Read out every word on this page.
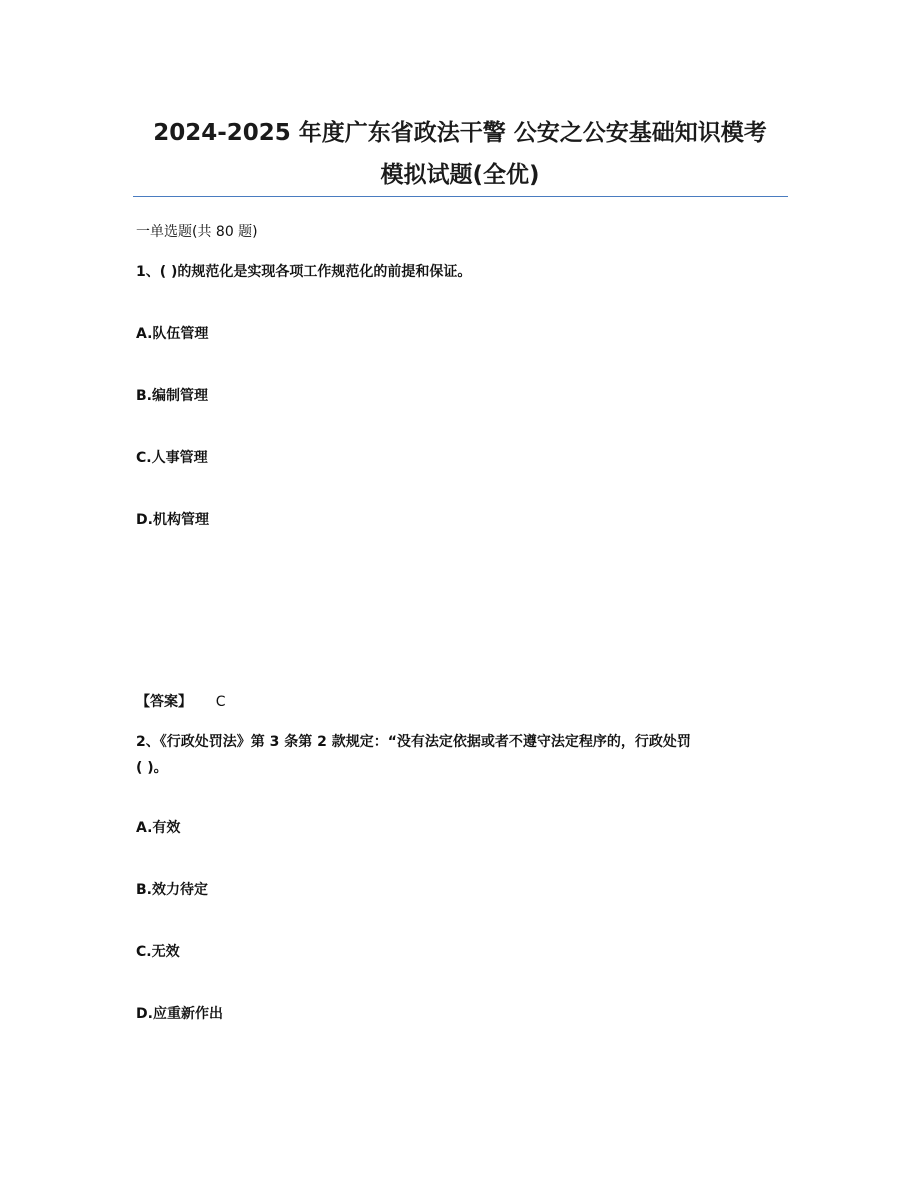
2024-2025 年度广东省政法干警 公安之公安基础知识模考
模拟试题(全优)
一单选题(共 80 题)
1、( )的规范化是实现各项工作规范化的前提和保证。
A.队伍管理
B.编制管理
C.人事管理
D.机构管理
【答案】 C
2、《行政处罚法》第 3 条第 2 款规定：“没有法定依据或者不遵守法定程序的，行政处罚
( )。
A.有效
B.效力待定
C.无效
D.应重新作出
